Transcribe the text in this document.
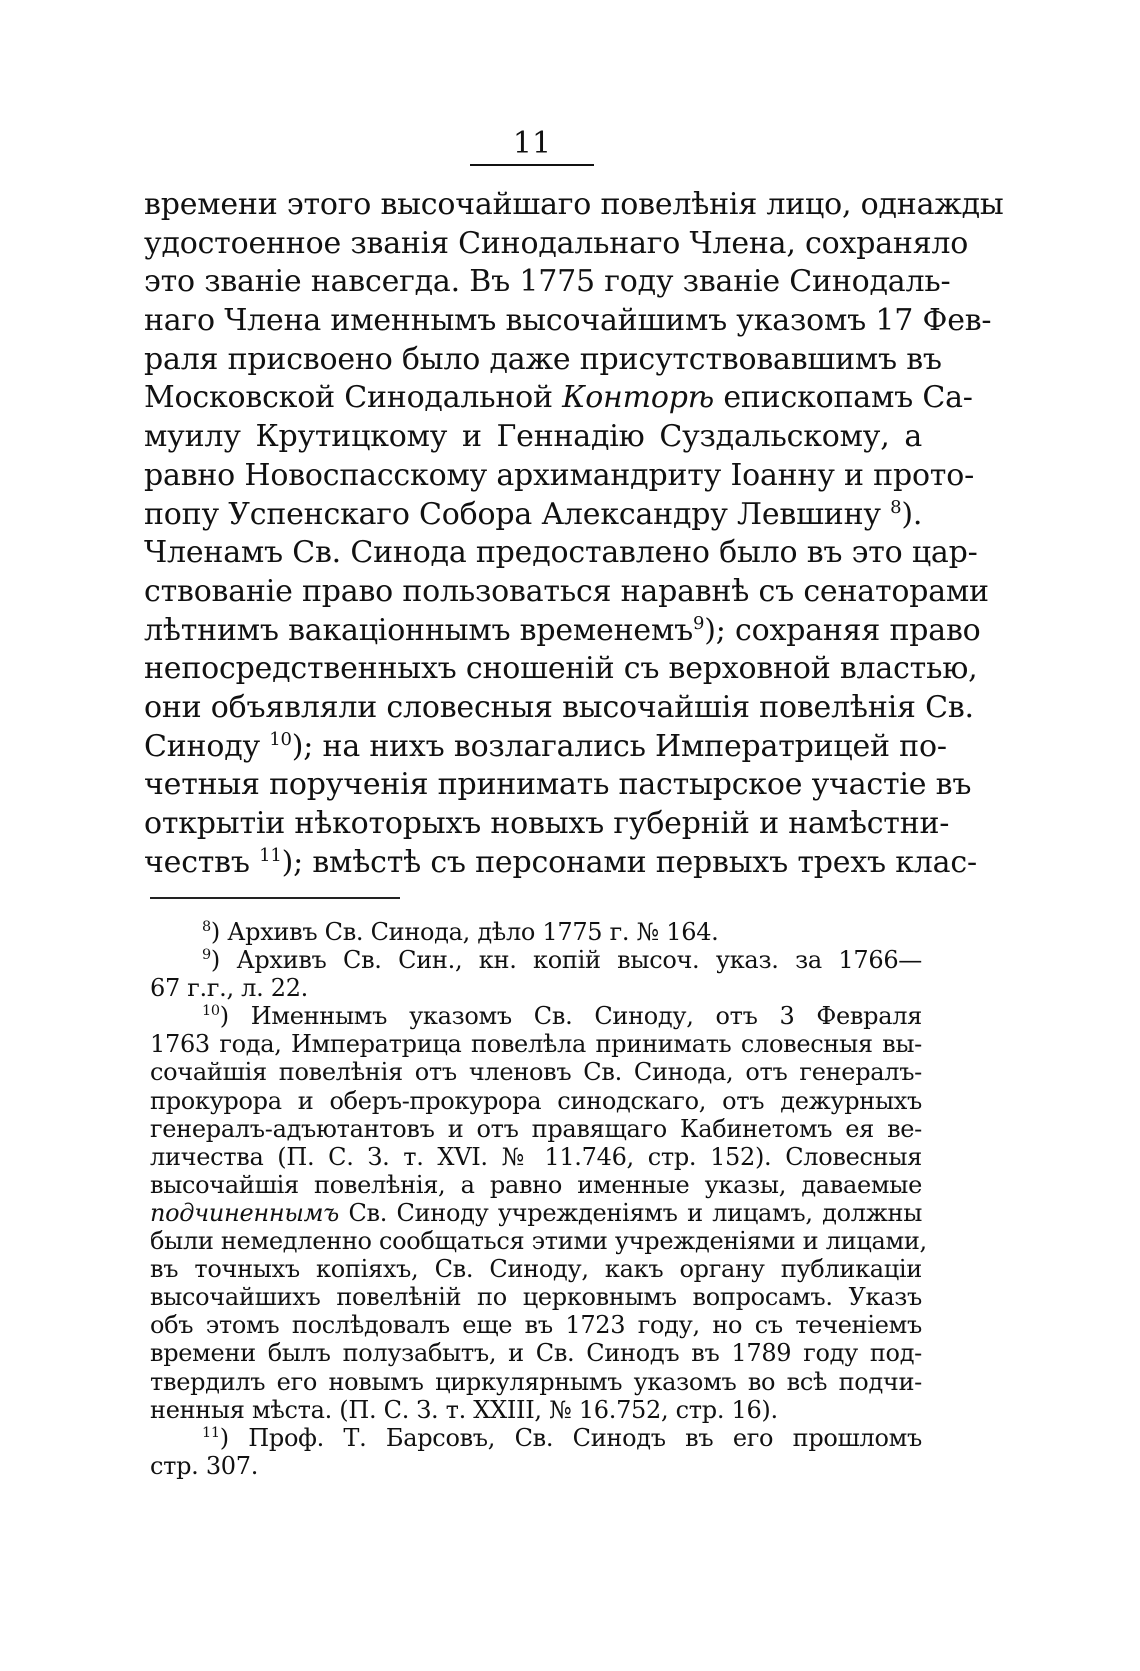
11
времени этого высочайшаго повелѣнія лицо, однажды
удостоенное званія Синодальнаго Члена, сохраняло
это званіе навсегда. Въ 1775 году званіе Синодаль-
наго Члена именнымъ высочайшимъ указомъ 17 Фев-
раля присвоено было даже присутствовавшимъ въ
Московской Синодальной Конторѣ епископамъ Са-
муилу Крутицкому и Геннадію Суздальскому, а
равно Новоспасскому архимандриту Іоанну и прото-
попу Успенскаго Собора Александру Левшину $^8$).
Членамъ Св. Синода предоставлено было въ это цар-
ствованіе право пользоваться наравнѣ съ сенаторами
лѣтнимъ вакаціоннымъ временемъ$^9$); сохраняя право
непосредственныхъ сношеній съ верховной властью,
они объявляли словесныя высочайшія повелѣнія Св.
Синоду $^{10}$); на нихъ возлагались Императрицей по-
четныя порученія принимать пастырское участіе въ
открытіи нѣкоторыхъ новыхъ губерній и намѣстни-
чествъ $^{11}$); вмѣстѣ съ персонами первыхъ трехъ клас-
$^8$) Архивъ Св. Синода, дѣло 1775 г. № 164.
$^9$) Архивъ Св. Син., кн. копій высоч. указ. за 1766—
67 г.г., л. 22.
$^{10}$) Именнымъ указомъ Св. Синоду, отъ 3 Февраля
1763 года, Императрица повелѣла принимать словесныя вы-
сочайшія повелѣнія отъ членовъ Св. Синода, отъ генералъ-
прокурора и оберъ-прокурора синодскаго, отъ дежурныхъ
генералъ-адъютантовъ и отъ правящаго Кабинетомъ ея ве-
личества (П. С. З. т. XVI. № 11.746, стр. 152). Словесныя
высочайшія повелѣнія, а равно именные указы, даваемые
подчиненнымъ Св. Синоду учрежденіямъ и лицамъ, должны
были немедленно сообщаться этими учрежденіями и лицами,
въ точныхъ копіяхъ, Св. Синоду, какъ органу публикаціи
высочайшихъ повелѣній по церковнымъ вопросамъ. Указъ
объ этомъ послѣдовалъ еще въ 1723 году, но съ теченіемъ
времени былъ полузабытъ, и Св. Синодъ въ 1789 году под-
твердилъ его новымъ циркулярнымъ указомъ во всѣ подчи-
ненныя мѣста. (П. С. З. т. XXIII, № 16.752, стр. 16).
$^{11}$) Проф. Т. Барсовъ, Св. Синодъ въ его прошломъ
стр. 307.
